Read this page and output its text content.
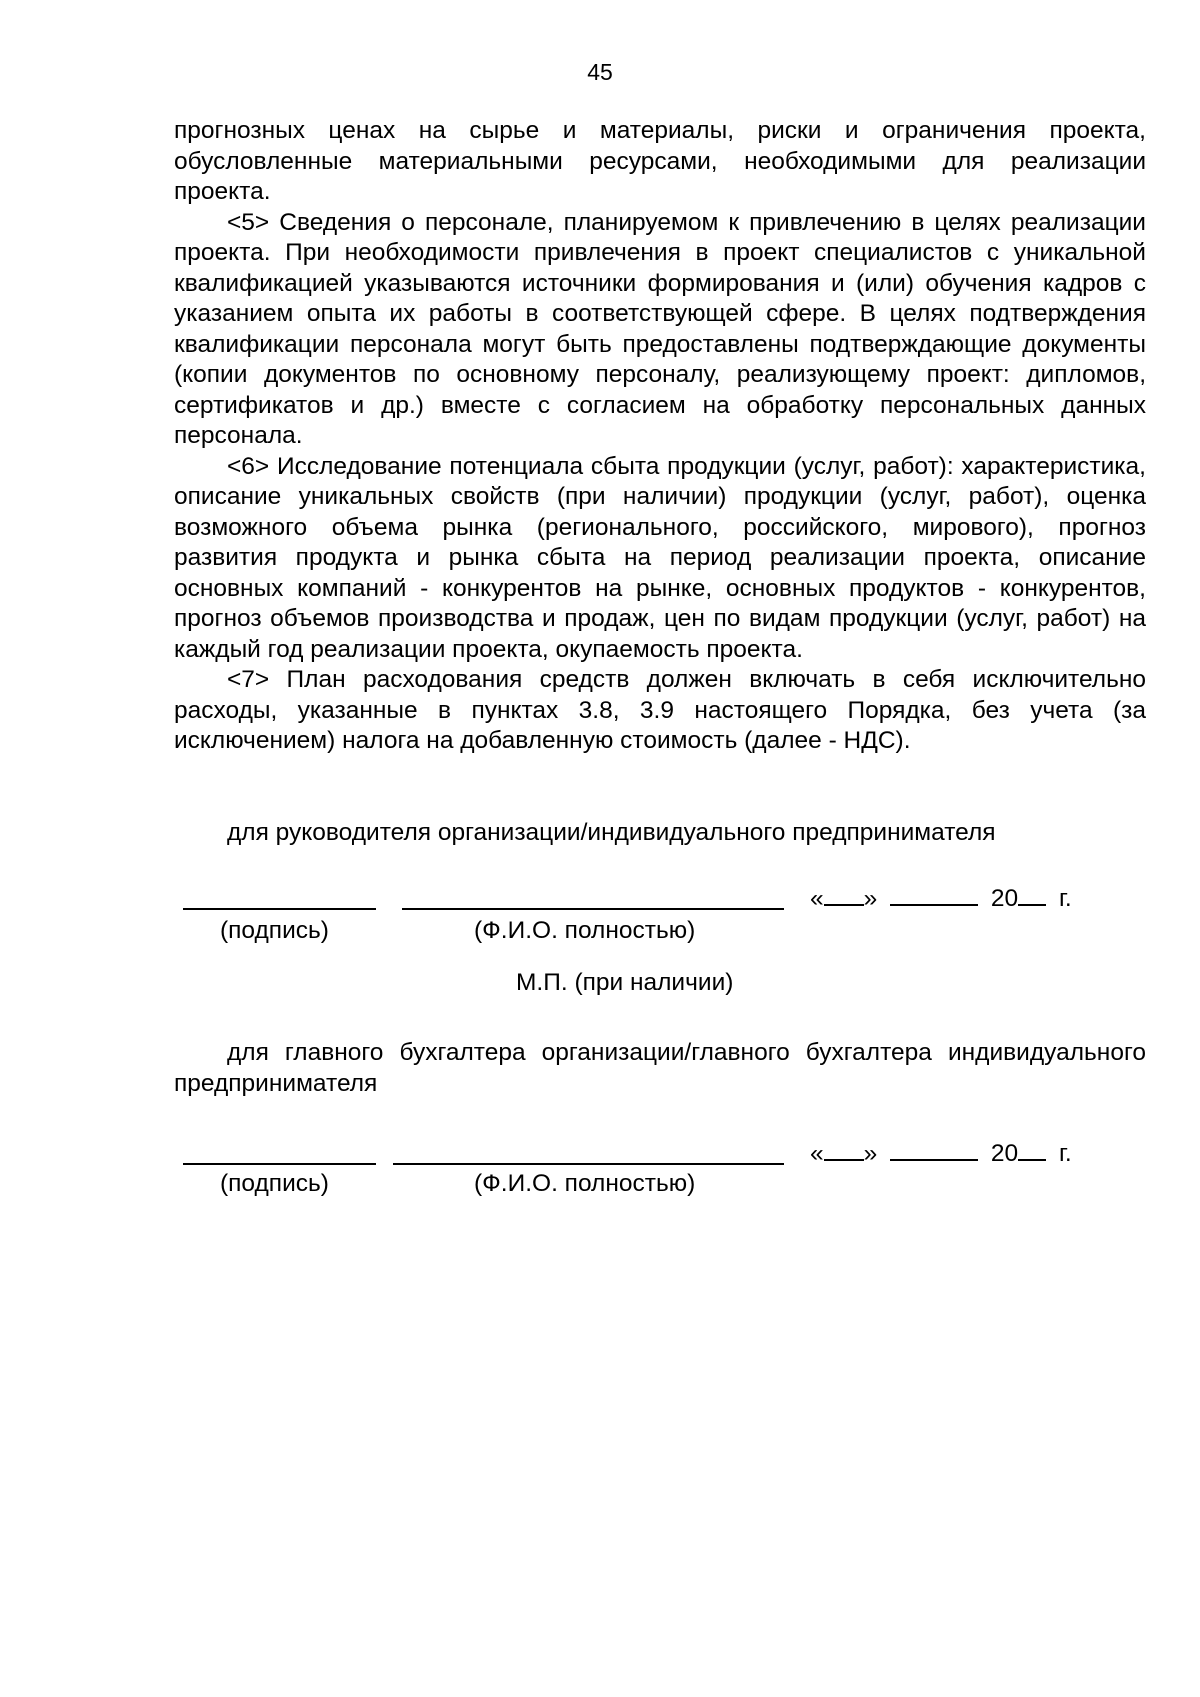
45

прогнозных ценах на сырье и материалы, риски и ограничения проекта, обусловленные материальными ресурсами, необходимыми для реализации проекта.

<5> Сведения о персонале, планируемом к привлечению в целях реализации проекта. При необходимости привлечения в проект специалистов с уникальной квалификацией указываются источники формирования и (или) обучения кадров с указанием опыта их работы в соответствующей сфере. В целях подтверждения квалификации персонала могут быть предоставлены подтверждающие документы (копии документов по основному персоналу, реализующему проект: дипломов, сертификатов и др.) вместе с согласием на обработку персональных данных персонала.

<6> Исследование потенциала сбыта продукции (услуг, работ): характеристика, описание уникальных свойств (при наличии) продукции (услуг, работ), оценка возможного объема рынка (регионального, российского, мирового), прогноз развития продукта и рынка сбыта на период реализации проекта, описание основных компаний - конкурентов на рынке, основных продуктов - конкурентов, прогноз объемов производства и продаж, цен по видам продукции (услуг, работ) на каждый год реализации проекта, окупаемость проекта.

<7> План расходования средств должен включать в себя исключительно расходы, указанные в пунктах 3.8, 3.9 настоящего Порядка, без учета (за исключением) налога на добавленную стоимость (далее - НДС).

для руководителя организации/индивидуального предпринимателя

« »	20 г.
(подпись)	(Ф.И.О. полностью)
М.П. (при наличии)

для главного бухгалтера организации/главного бухгалтера индивидуального предпринимателя

« »	20 г.
(подпись)	(Ф.И.О. полностью)
